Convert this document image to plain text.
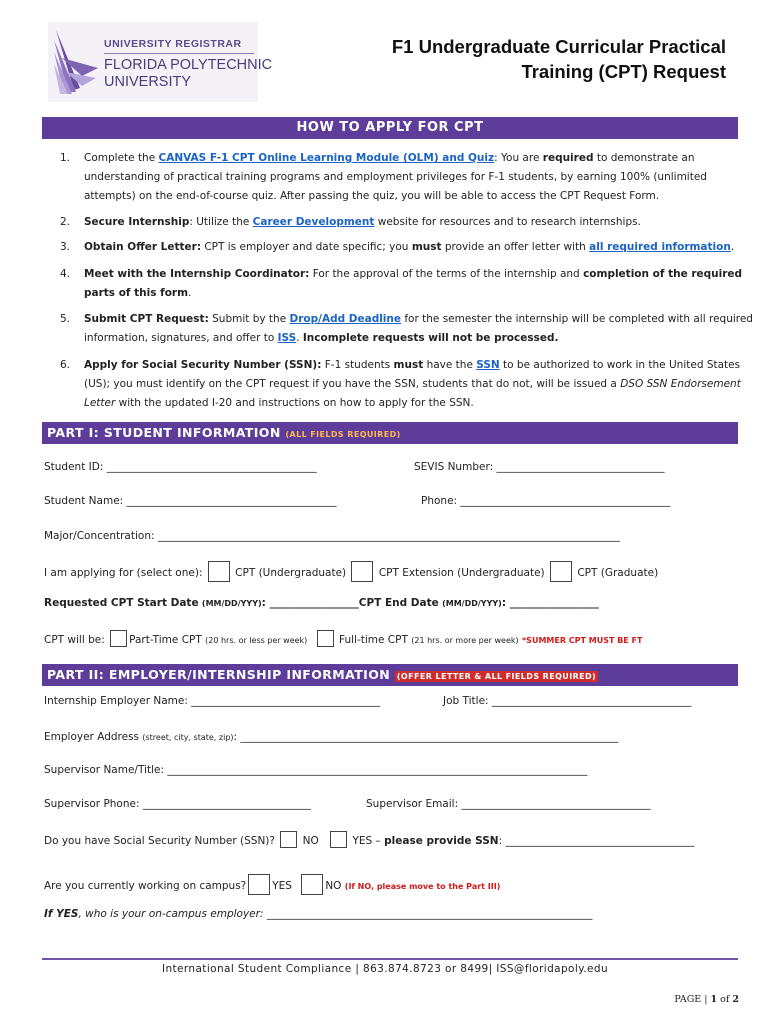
UNIVERSITY REGISTRAR
FLORIDA POLYTECHNIC
UNIVERSITY
F1 Undergraduate Curricular Practical
Training (CPT) Request
HOW TO APPLY FOR CPT
1.	Complete the CANVAS F-1 CPT Online Learning Module (OLM) and Quiz: You are required to demonstrate an understanding of practical training programs and employment privileges for F-1 students, by earning 100% (unlimited attempts) on the end-of-course quiz. After passing the quiz, you will be able to access the CPT Request Form.
2.	Secure Internship: Utilize the Career Development website for resources and to research internships.
3.	Obtain Offer Letter: CPT is employer and date specific; you must provide an offer letter with all required information.
4.	Meet with the Internship Coordinator: For the approval of the terms of the internship and completion of the required parts of this form.
5.	Submit CPT Request: Submit by the Drop/Add Deadline for the semester the internship will be completed with all required information, signatures, and offer to ISS. Incomplete requests will not be processed.
6.	Apply for Social Security Number (SSN): F-1 students must have the SSN to be authorized to work in the United States (US); you must identify on the CPT request if you have the SSN, students that do not, will be issued a DSO SSN Endorsement Letter with the updated I-20 and instructions on how to apply for the SSN.
PART I: STUDENT INFORMATION (ALL FIELDS REQUIRED)
Student ID: ________________________________________	SEVIS Number: ________________________________
Student Name: ________________________________________	Phone: ________________________________________
Major/Concentration: ________________________________________________________________________________________
I am applying for (select one):	CPT (Undergraduate)	CPT Extension (Undergraduate)	CPT (Graduate)
Requested CPT Start Date (MM/DD/YYY): _________________CPT End Date (MM/DD/YYY): _________________
CPT will be: Part-Time CPT (20 hrs. or less per week)	Full-time CPT (21 hrs. or more per week) *SUMMER CPT MUST BE FT
PART II: EMPLOYER/INTERNSHIP INFORMATION (OFFER LETTER & ALL FIELDS REQUIRED)
Internship Employer Name: ____________________________________	Job Title: ______________________________________
Employer Address (street, city, state, zip): ________________________________________________________________________
Supervisor Name/Title: ________________________________________________________________________________
Supervisor Phone: ________________________________	Supervisor Email: ____________________________________
Do you have Social Security Number (SSN)?	NO	YES – please provide SSN: ____________________________________
Are you currently working on campus? YES	NO (If NO, please move to the Part III)
If YES, who is your on-campus employer: ______________________________________________________________
International Student Compliance | 863.874.8723 or 8499| ISS@floridapoly.edu
PAGE | 1 of 2
